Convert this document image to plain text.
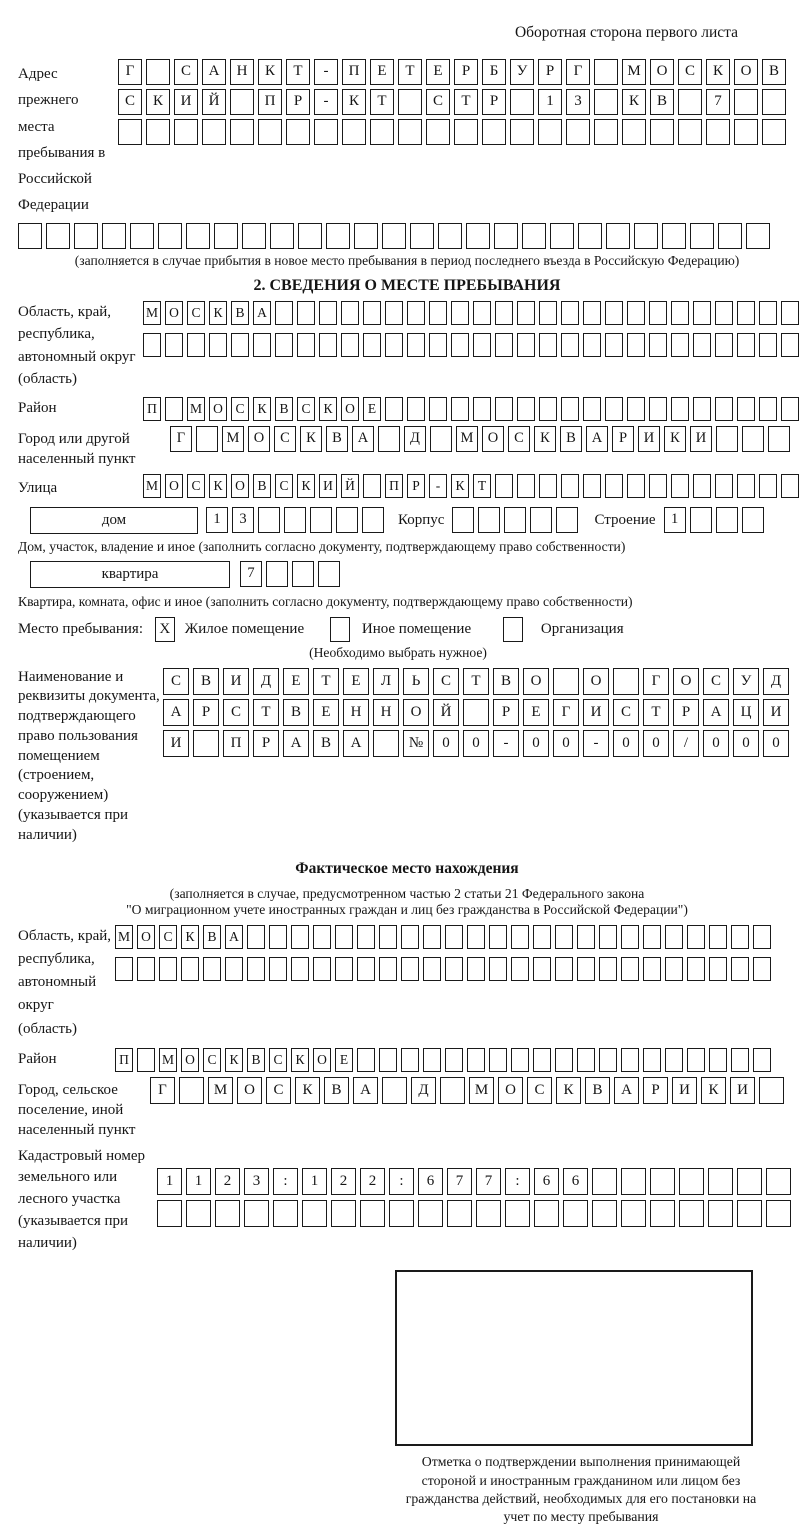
Оборотная сторона первого листа
Адрес прежнего места пребывания в Российской Федерации
Г	С	А	Н	К	Т	-	П	Е	Т	Е	Р	Б	У	Р	Г	М	О	С	К	О	В
С	К	И	Й	П	Р	-	К	Т	С	Т	Р	1	3	К	В	7
(заполняется в случае прибытия в новое место пребывания в период последнего въезда в Российскую Федерацию)
2. СВЕДЕНИЯ О МЕСТЕ ПРЕБЫВАНИЯ
Область, край, республика, автономный округ (область)
М О С К В А
Район	П	М О С К В С К О Е
Город или другой населенный пункт
Г	М О	С	К	В	А	Д	М О	С	К	В	А	Р	И	К	И
Улица	М О С К О В С К И Й	П Р	-	К Т
дом	1	3	Корпус	Строение	1
Дом, участок, владение и иное (заполнить согласно документу, подтверждающему право собственности)
квартира	7
Квартира, комната, офис и иное (заполнить согласно документу, подтверждающему право собственности)
Место пребывания: X Жилое помещение	Иное помещение	Организация
(Необходимо выбрать нужное)
Наименование и реквизиты документа, подтверждающего право пользования помещением (строением, сооружением) (указывается при наличии)
С	В	И	Д	Е	Т	Е	Л	Ь	С	Т	В	О	О	Г	О	С	У	Д
А	Р	С	Т	В	Е	Н	Н	О	Й	Р	Е	Г	И	С	Т	Р	А	Ц	И
И	П	Р	А	В	А	№	0	0	-	0	0	-	0	0	/	0	0	0
Фактическое место нахождения
(заполняется в случае, предусмотренном частью 2 статьи 21 Федерального закона
"О миграционном учете иностранных граждан и лиц без гражданства в Российской Федерации")
Область, край, республика, автономный округ (область)
М О С К В А
Район	П	М О С К В С К О Е
Город, сельское поселение, иной населенный пункт
Г	М	О	С	К	В	А	Д	М	О	С	К	В	А	Р	И	К	И
Кадастровый номер земельного или лесного участка (указывается при наличии)
1	1	2	3	:	1	2	2	:	6	7	7	:	6	6
Отметка о подтверждении выполнения принимающей стороной и иностранным гражданином или лицом без гражданства действий, необходимых для его постановки на учет по месту пребывания
